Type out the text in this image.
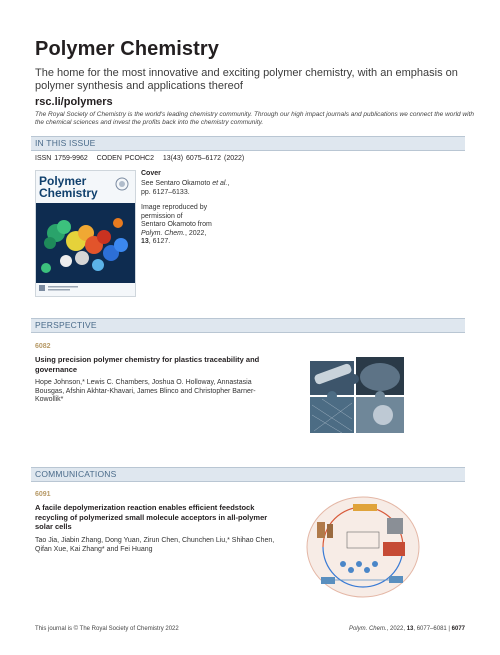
Polymer Chemistry
The home for the most innovative and exciting polymer chemistry, with an emphasis on polymer synthesis and applications thereof
rsc.li/polymers
The Royal Society of Chemistry is the world's leading chemistry community. Through our high impact journals and publications we connect the world with the chemical sciences and invest the profits back into the chemistry community.
IN THIS ISSUE
ISSN 1759-9962 CODEN PCOHC2 13(43) 6075–6172 (2022)
Polymer
Chemistry
Cover
See Sentaro Okamoto et al.,
pp. 6127–6133.
Image reproduced by
permission of
Sentaro Okamoto from
Polym. Chem., 2022,
13, 6127.
PERSPECTIVE
6082
Using precision polymer chemistry for plastics traceability and governance
Hope Johnson,* Lewis C. Chambers, Joshua O. Holloway, Annastasia Bousgas, Afshin Akhtar-Khavari, James Blinco and Christopher Barner-Kowollik*
COMMUNICATIONS
6091
A facile depolymerization reaction enables efficient feedstock recycling of polymerized small molecule acceptors in all-polymer solar cells
Tao Jia, Jiabin Zhang, Dong Yuan, Zirun Chen, Chunchen Liu,* Shihao Chen, Qifan Xue, Kai Zhang* and Fei Huang
This journal is © The Royal Society of Chemistry 2022	Polym. Chem., 2022, 13, 6077–6081 | 6077
